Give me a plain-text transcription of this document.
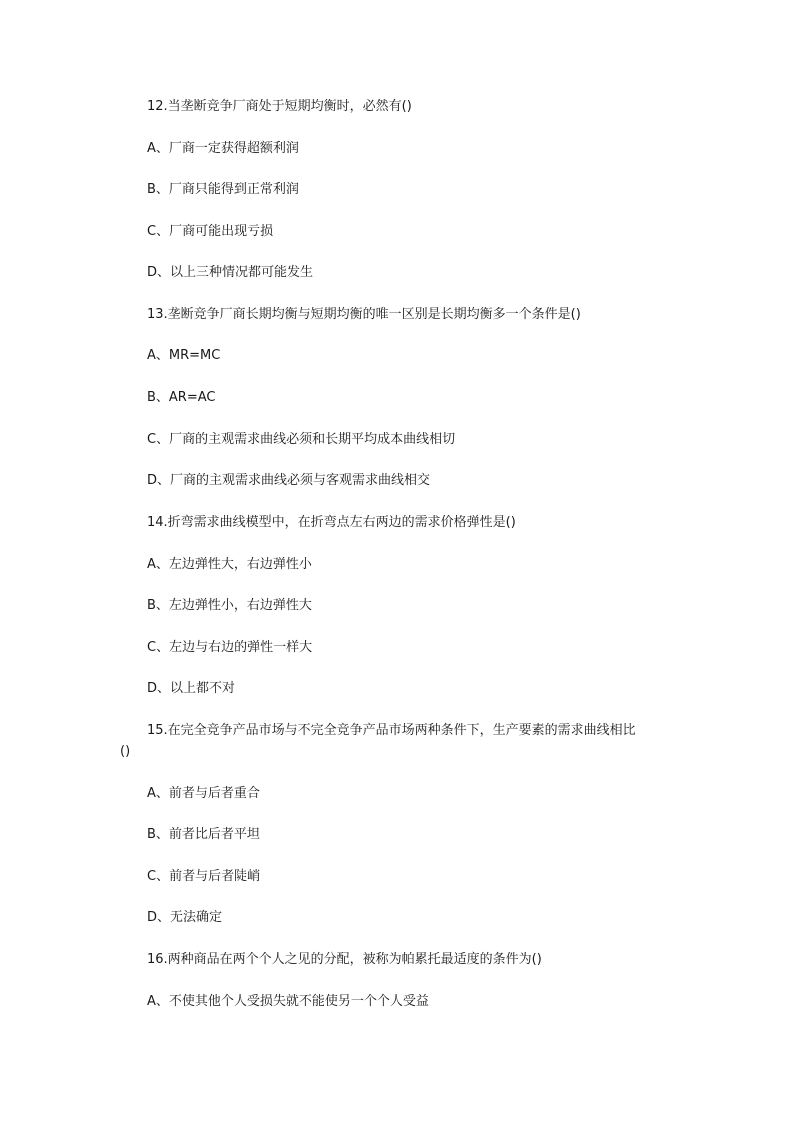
12.当垄断竞争厂商处于短期均衡时，必然有()
A、厂商一定获得超额利润
B、厂商只能得到正常利润
C、厂商可能出现亏损
D、以上三种情况都可能发生
13.垄断竞争厂商长期均衡与短期均衡的唯一区别是长期均衡多一个条件是()
A、MR=MC
B、AR=AC
C、厂商的主观需求曲线必须和长期平均成本曲线相切
D、厂商的主观需求曲线必须与客观需求曲线相交
14.折弯需求曲线模型中，在折弯点左右两边的需求价格弹性是()
A、左边弹性大，右边弹性小
B、左边弹性小，右边弹性大
C、左边与右边的弹性一样大
D、以上都不对
15.在完全竞争产品市场与不完全竞争产品市场两种条件下，生产要素的需求曲线相比
()
A、前者与后者重合
B、前者比后者平坦
C、前者与后者陡峭
D、无法确定
16.两种商品在两个个人之见的分配，被称为帕累托最适度的条件为()
A、不使其他个人受损失就不能使另一个个人受益
